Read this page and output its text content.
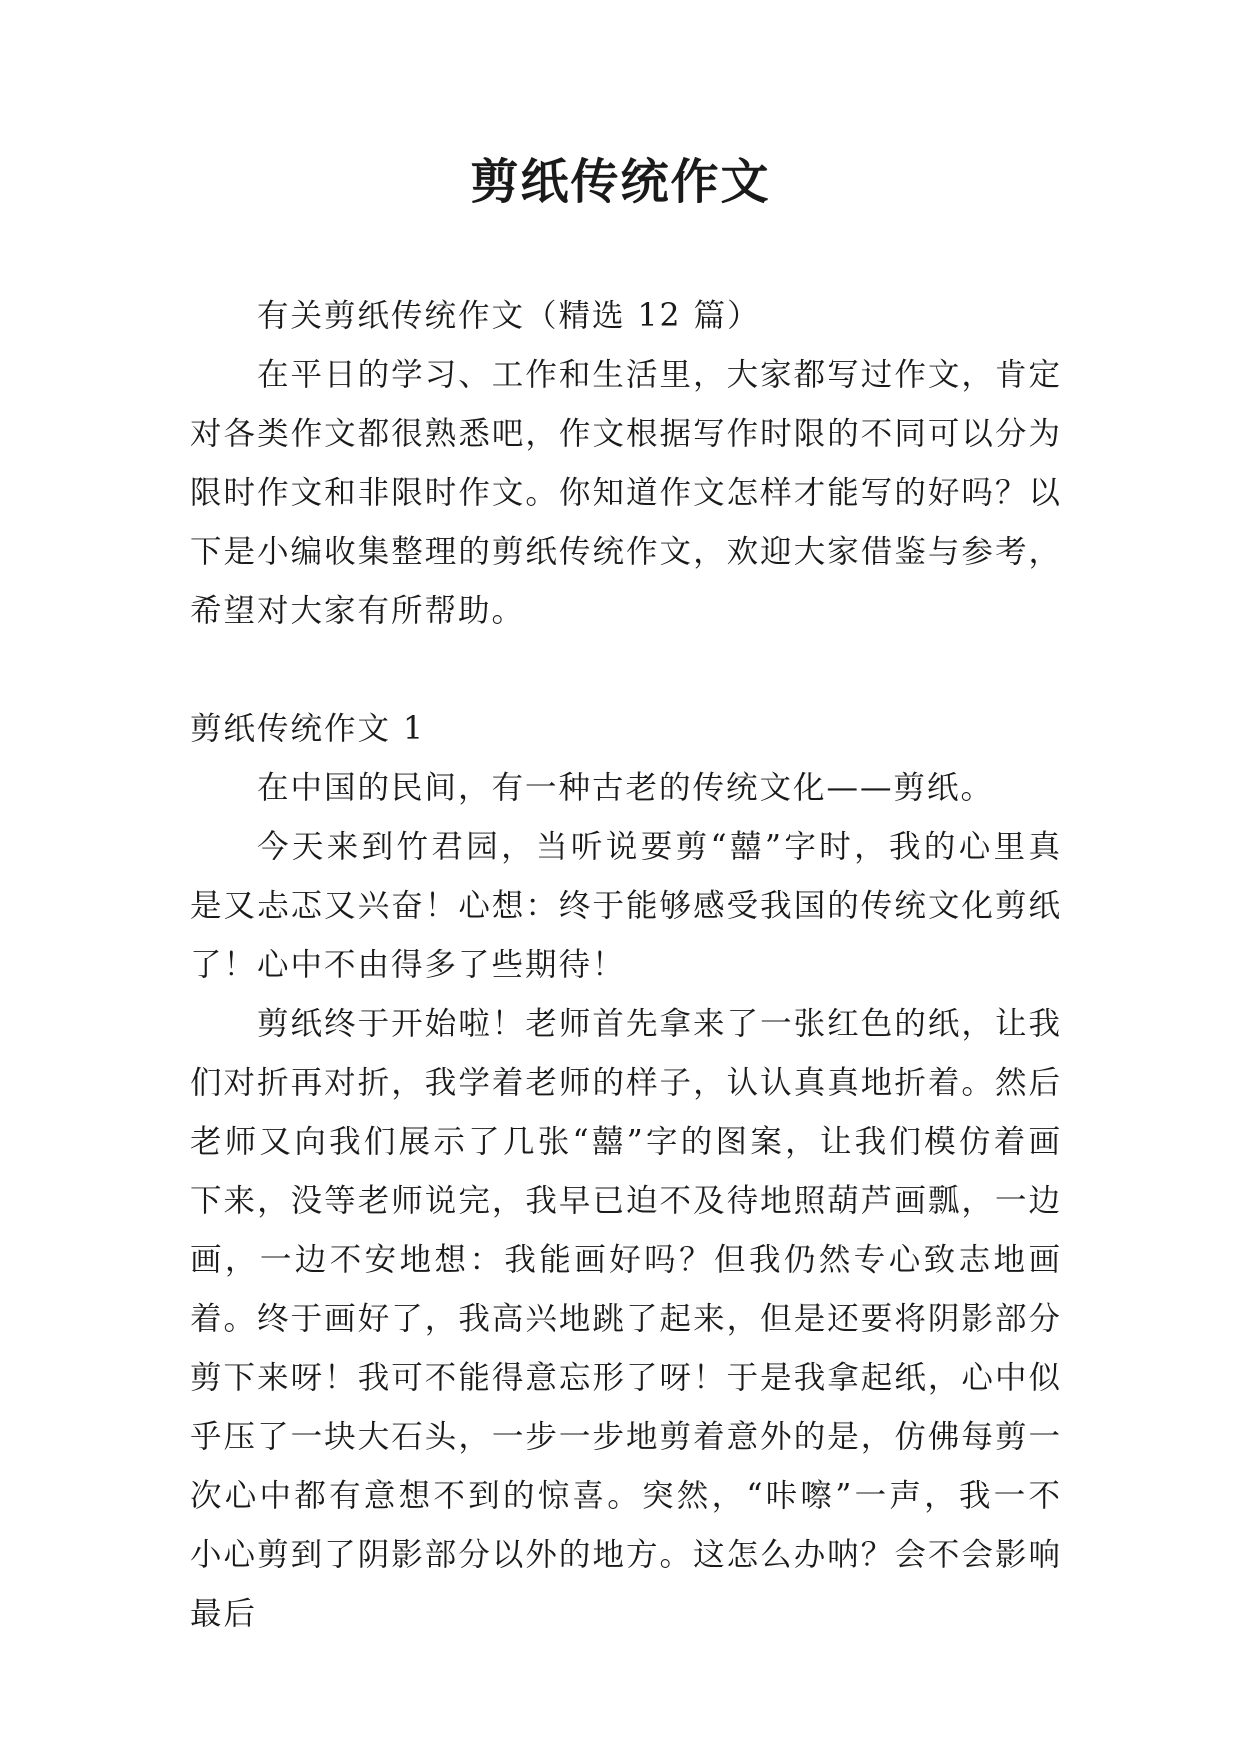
剪纸传统作文

有关剪纸传统作文（精选 12 篇）

在平日的学习、工作和生活里，大家都写过作文，肯定对各类作文都很熟悉吧，作文根据写作时限的不同可以分为限时作文和非限时作文。你知道作文怎样才能写的好吗？以下是小编收集整理的剪纸传统作文，欢迎大家借鉴与参考，希望对大家有所帮助。

剪纸传统作文 1

在中国的民间，有一种古老的传统文化——剪纸。

今天来到竹君园，当听说要剪“囍”字时，我的心里真是又忐忑又兴奋！心想：终于能够感受我国的传统文化剪纸了！心中不由得多了些期待！

剪纸终于开始啦！老师首先拿来了一张红色的纸，让我们对折再对折，我学着老师的样子，认认真真地折着。然后老师又向我们展示了几张“囍”字的图案，让我们模仿着画下来，没等老师说完，我早已迫不及待地照葫芦画瓢，一边画，一边不安地想：我能画好吗？但我仍然专心致志地画着。终于画好了，我高兴地跳了起来，但是还要将阴影部分剪下来呀！我可不能得意忘形了呀！于是我拿起纸，心中似乎压了一块大石头，一步一步地剪着意外的是，仿佛每剪一次心中都有意想不到的惊喜。突然，“咔嚓”一声，我一不小心剪到了阴影部分以外的地方。这怎么办呐？会不会影响最后
